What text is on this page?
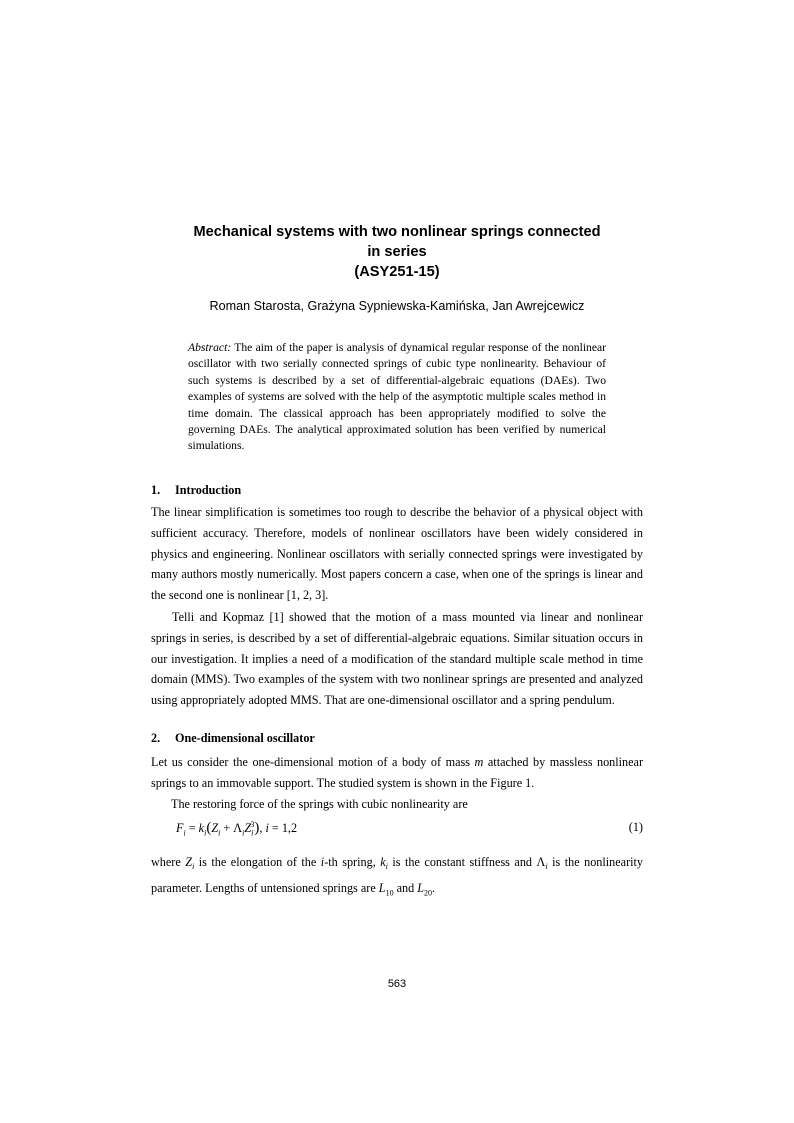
Mechanical systems with two nonlinear springs connected
in series
(ASY251-15)
Roman Starosta, Grażyna Sypniewska-Kamińska, Jan Awrejcewicz
Abstract: The aim of the paper is analysis of dynamical regular response of the nonlinear oscillator with two serially connected springs of cubic type nonlinearity. Behaviour of such systems is described by a set of differential-algebraic equations (DAEs). Two examples of systems are solved with the help of the asymptotic multiple scales method in time domain. The classical approach has been appropriately modified to solve the governing DAEs. The analytical approximated solution has been verified by numerical simulations.
1. Introduction
The linear simplification is sometimes too rough to describe the behavior of a physical object with sufficient accuracy. Therefore, models of nonlinear oscillators have been widely considered in physics and engineering. Nonlinear oscillators with serially connected springs were investigated by many authors mostly numerically. Most papers concern a case, when one of the springs is linear and the second one is nonlinear [1, 2, 3].
Telli and Kopmaz [1] showed that the motion of a mass mounted via linear and nonlinear springs in series, is described by a set of differential-algebraic equations. Similar situation occurs in our investigation. It implies a need of a modification of the standard multiple scale method in time domain (MMS). Two examples of the system with two nonlinear springs are presented and analyzed using appropriately adopted MMS. That are one-dimensional oscillator and a spring pendulum.
2. One-dimensional oscillator
Let us consider the one-dimensional motion of a body of mass m attached by massless nonlinear springs to an immovable support. The studied system is shown in the Figure 1.
The restoring force of the springs with cubic nonlinearity are
$F_i = k_i(Z_i + \Lambda_iZ_i^3)$, i = 1,2	(1)
where $Z_i$ is the elongation of the i-th spring, $k_i$ is the constant stiffness and $\Lambda_i$ is the nonlinearity parameter. Lengths of untensioned springs are $L_{10}$ and $L_{20}$.
563
